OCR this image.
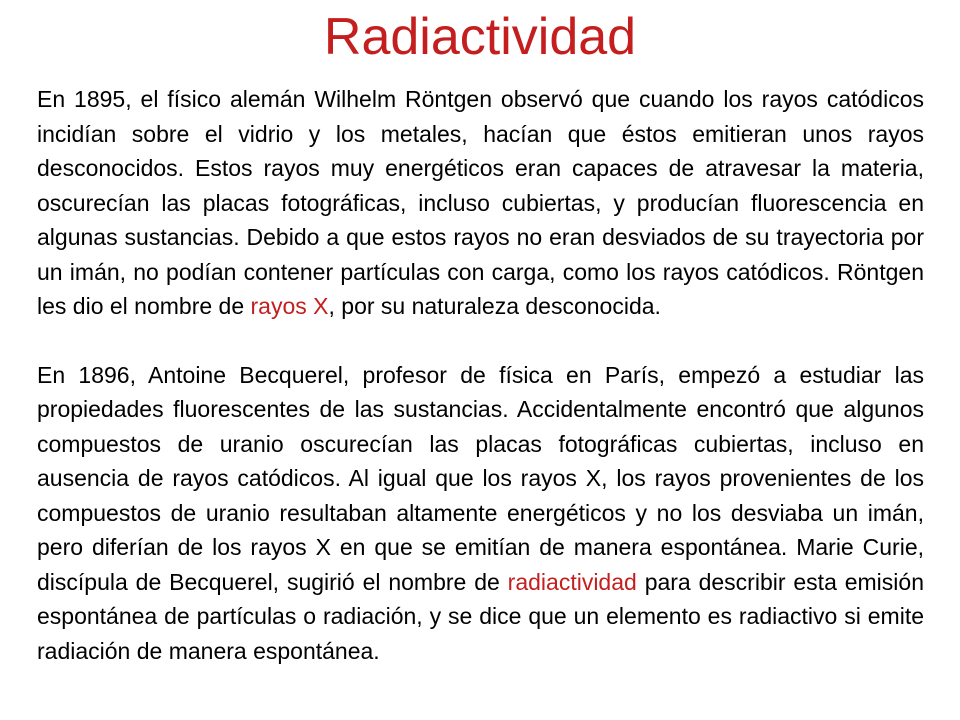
Radiactividad

En 1895, el físico alemán Wilhelm Röntgen observó que cuando los rayos catódicos incidían sobre el vidrio y los metales, hacían que éstos emitieran unos rayos desconocidos. Estos rayos muy energéticos eran capaces de atravesar la materia, oscurecían las placas fotográficas, incluso cubiertas, y producían fluorescencia en algunas sustancias. Debido a que estos rayos no eran desviados de su trayectoria por un imán, no podían contener partículas con carga, como los rayos catódicos. Röntgen les dio el nombre de rayos X, por su naturaleza desconocida.

En 1896, Antoine Becquerel, profesor de física en París, empezó a estudiar las propiedades fluorescentes de las sustancias. Accidentalmente encontró que algunos compuestos de uranio oscurecían las placas fotográficas cubiertas, incluso en ausencia de rayos catódicos. Al igual que los rayos X, los rayos provenientes de los compuestos de uranio resultaban altamente energéticos y no los desviaba un imán, pero diferían de los rayos X en que se emitían de manera espontánea. Marie Curie, discípula de Becquerel, sugirió el nombre de radiactividad para describir esta emisión espontánea de partículas o radiación, y se dice que un elemento es radiactivo si emite radiación de manera espontánea.
